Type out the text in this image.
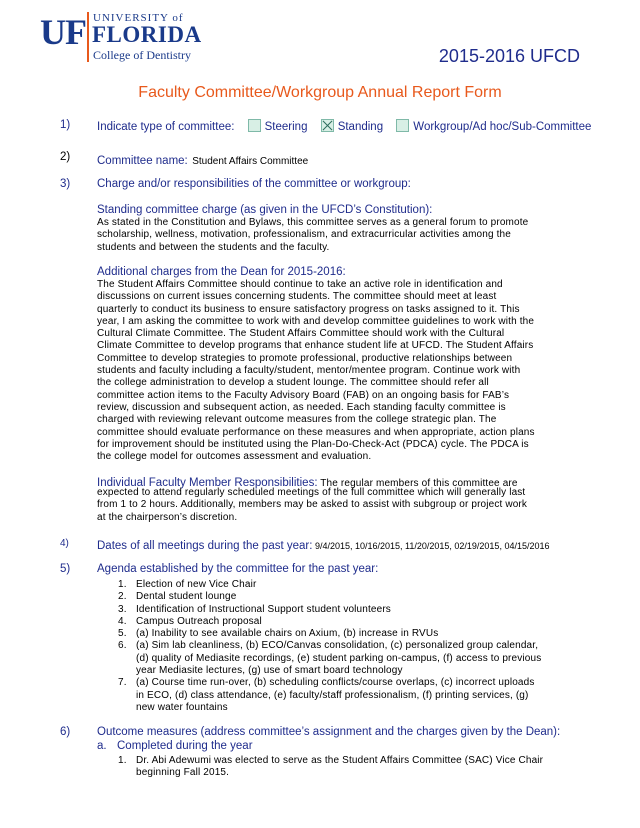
UF UNIVERSITY of
FLORIDA
College of Dentistry	2015-2016 UFCD
Faculty Committee/Workgroup Annual Report Form
1) Indicate type of committee:	Steering	Standing	Workgroup/Ad hoc/Sub-Committee
2) Committee name: Student Affairs Committee
3) Charge and/or responsibilities of the committee or workgroup:
Standing committee charge (as given in the UFCD’s Constitution):
As stated in the Constitution and Bylaws, this committee serves as a general forum to promote
scholarship, wellness, motivation, professionalism, and extracurricular activities among the
students and between the students and the faculty.
Additional charges from the Dean for 2015-2016:
The Student Affairs Committee should continue to take an active role in identification and
discussions on current issues concerning students. The committee should meet at least
quarterly to conduct its business to ensure satisfactory progress on tasks assigned to it. This
year, I am asking the committee to work with and develop committee guidelines to work with the
Cultural Climate Committee. The Student Affairs Committee should work with the Cultural
Climate Committee to develop programs that enhance student life at UFCD. The Student Affairs
Committee to develop strategies to promote professional, productive relationships between
students and faculty including a faculty/student, mentor/mentee program. Continue work with
the college administration to develop a student lounge. The committee should refer all
committee action items to the Faculty Advisory Board (FAB) on an ongoing basis for FAB’s
review, discussion and subsequent action, as needed. Each standing faculty committee is
charged with reviewing relevant outcome measures from the college strategic plan. The
committee should evaluate performance on these measures and when appropriate, action plans
for improvement should be instituted using the Plan-Do-Check-Act (PDCA) cycle. The PDCA is
the college model for outcomes assessment and evaluation.
Individual Faculty Member Responsibilities: The regular members of this committee are
expected to attend regularly scheduled meetings of the full committee which will generally last
from 1 to 2 hours. Additionally, members may be asked to assist with subgroup or project work
at the chairperson’s discretion.
4) Dates of all meetings during the past year: 9/4/2015, 10/16/2015, 11/20/2015, 02/19/2015, 04/15/2016
5) Agenda established by the committee for the past year:
1. Election of new Vice Chair
2. Dental student lounge
3. Identification of Instructional Support student volunteers
4. Campus Outreach proposal
5. (a) Inability to see available chairs on Axium, (b) increase in RVUs
6. (a) Sim lab cleanliness, (b) ECO/Canvas consolidation, (c) personalized group calendar,
(d) quality of Mediasite recordings, (e) student parking on-campus, (f) access to previous
year Mediasite lectures, (g) use of smart board technology
7. (a) Course time run-over, (b) scheduling conflicts/course overlaps, (c) incorrect uploads
in ECO, (d) class attendance, (e) faculty/staff professionalism, (f) printing services, (g)
new water fountains
6) Outcome measures (address committee’s assignment and the charges given by the Dean):
a. Completed during the year
1. Dr. Abi Adewumi was elected to serve as the Student Affairs Committee (SAC) Vice Chair
beginning Fall 2015.
